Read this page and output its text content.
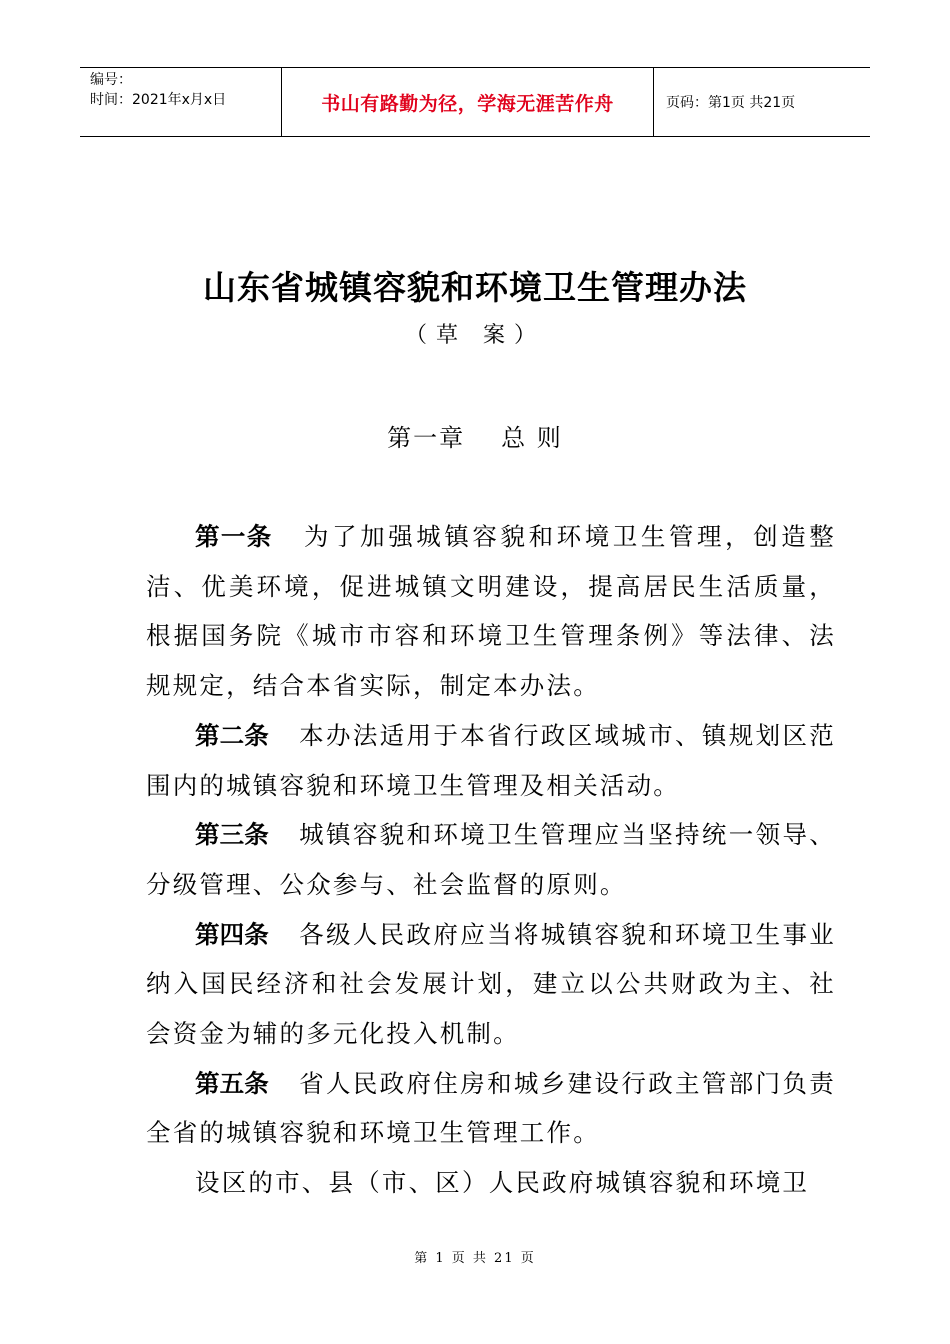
编号：
时间：2021年x月x日	书山有路勤为径，学海无涯苦作舟	页码：第1页 共21页
山东省城镇容貌和环境卫生管理办法
（草 案）
第一章 总 则

第一条 为了加强城镇容貌和环境卫生管理，创造整洁、优美环境，促进城镇文明建设，提高居民生活质量，根据国务院《城市市容和环境卫生管理条例》等法律、法规规定，结合本省实际，制定本办法。

第二条 本办法适用于本省行政区域城市、镇规划区范围内的城镇容貌和环境卫生管理及相关活动。

第三条 城镇容貌和环境卫生管理应当坚持统一领导、分级管理、公众参与、社会监督的原则。

第四条 各级人民政府应当将城镇容貌和环境卫生事业纳入国民经济和社会发展计划，建立以公共财政为主、社会资金为辅的多元化投入机制。

第五条 省人民政府住房和城乡建设行政主管部门负责全省的城镇容貌和环境卫生管理工作。

设区的市、县（市、区）人民政府城镇容貌和环境卫

第 1 页 共 21 页
